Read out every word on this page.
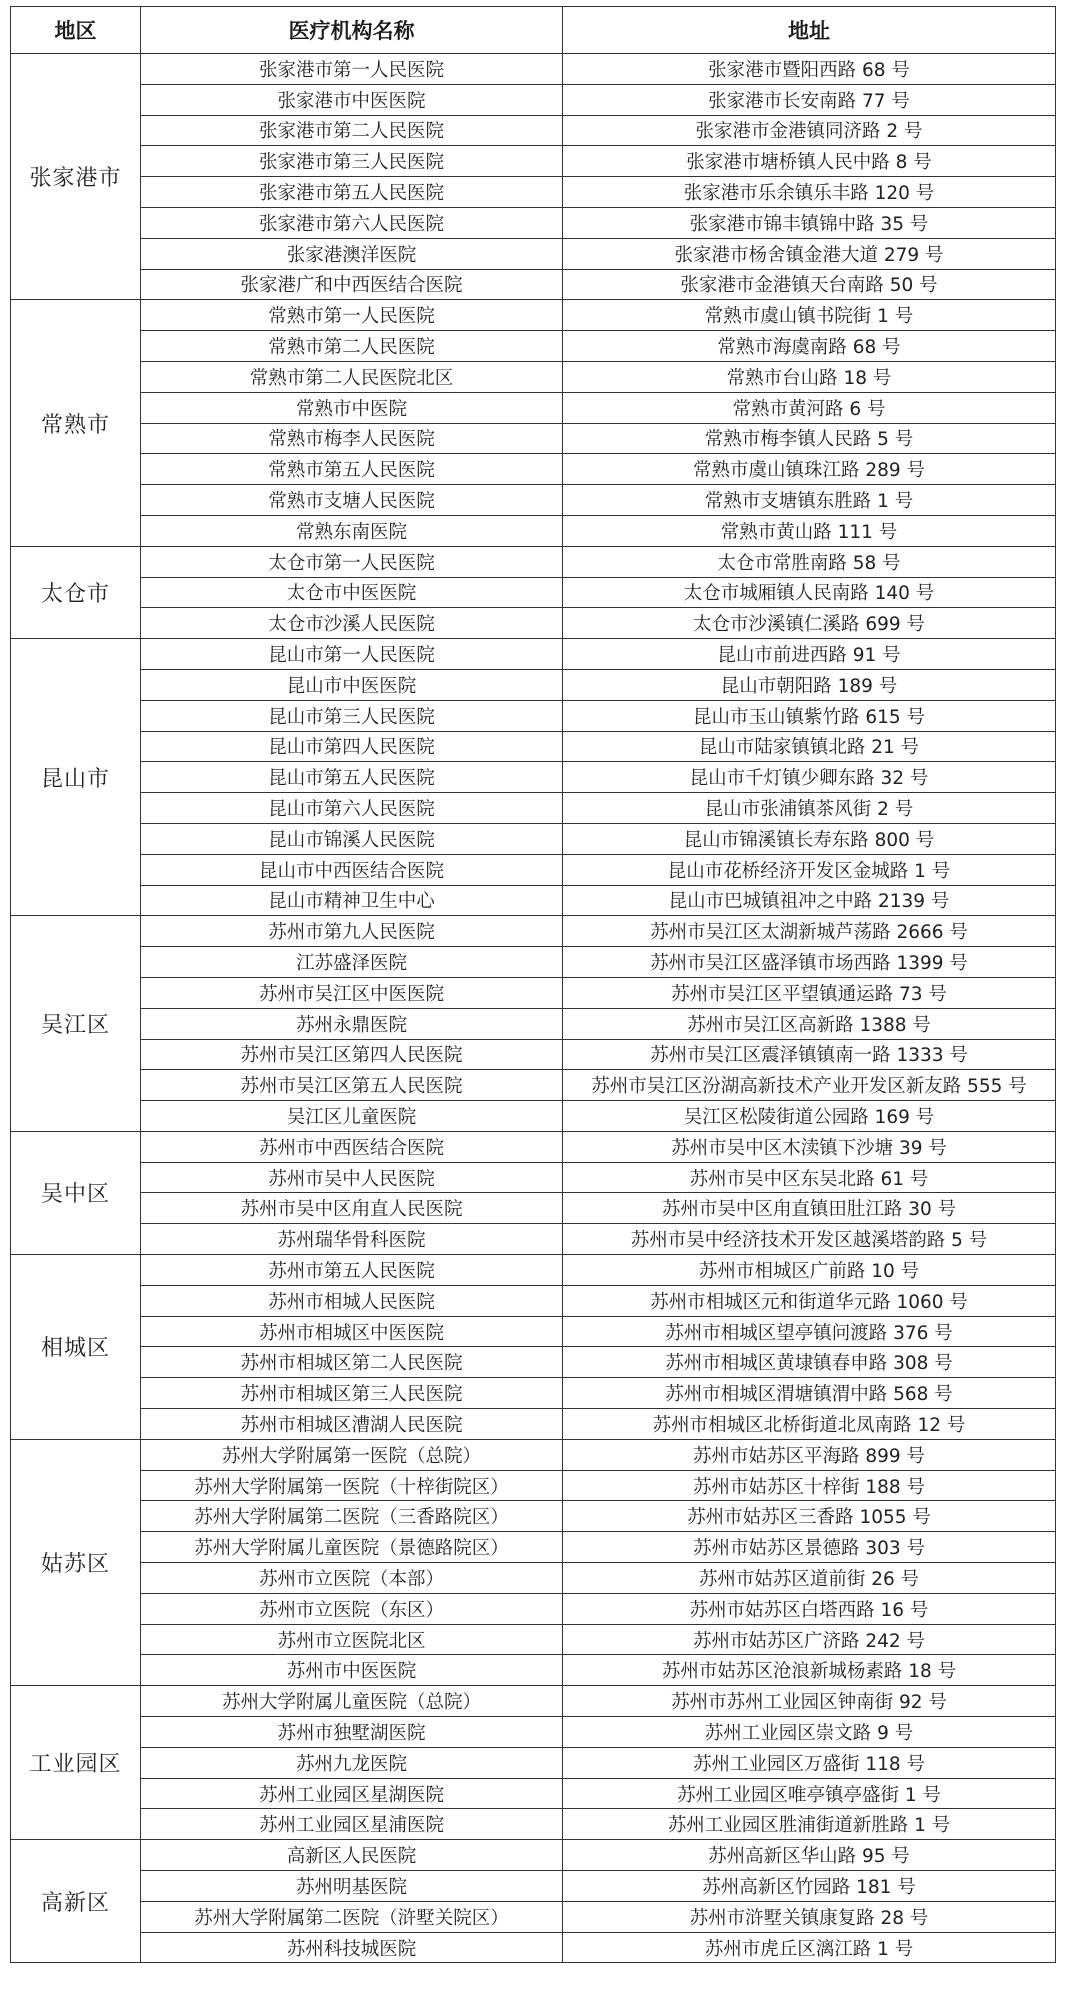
地区	医疗机构名称	地址
张家港市	张家港市第一人民医院	张家港市暨阳西路 68 号
	张家港市中医医院	张家港市长安南路 77 号
	张家港市第二人民医院	张家港市金港镇同济路 2 号
	张家港市第三人民医院	张家港市塘桥镇人民中路 8 号
	张家港市第五人民医院	张家港市乐余镇乐丰路 120 号
	张家港市第六人民医院	张家港市锦丰镇锦中路 35 号
	张家港澳洋医院	张家港市杨舍镇金港大道 279 号
	张家港广和中西医结合医院	张家港市金港镇天台南路 50 号
常熟市	常熟市第一人民医院	常熟市虞山镇书院街 1 号
	常熟市第二人民医院	常熟市海虞南路 68 号
	常熟市第二人民医院北区	常熟市台山路 18 号
	常熟市中医院	常熟市黄河路 6 号
	常熟市梅李人民医院	常熟市梅李镇人民路 5 号
	常熟市第五人民医院	常熟市虞山镇珠江路 289 号
	常熟市支塘人民医院	常熟市支塘镇东胜路 1 号
	常熟东南医院	常熟市黄山路 111 号
太仓市	太仓市第一人民医院	太仓市常胜南路 58 号
	太仓市中医医院	太仓市城厢镇人民南路 140 号
	太仓市沙溪人民医院	太仓市沙溪镇仁溪路 699 号
昆山市	昆山市第一人民医院	昆山市前进西路 91 号
	昆山市中医医院	昆山市朝阳路 189 号
	昆山市第三人民医院	昆山市玉山镇紫竹路 615 号
	昆山市第四人民医院	昆山市陆家镇镇北路 21 号
	昆山市第五人民医院	昆山市千灯镇少卿东路 32 号
	昆山市第六人民医院	昆山市张浦镇茶风街 2 号
	昆山市锦溪人民医院	昆山市锦溪镇长寿东路 800 号
	昆山市中西医结合医院	昆山市花桥经济开发区金城路 1 号
	昆山市精神卫生中心	昆山市巴城镇祖冲之中路 2139 号
吴江区	苏州市第九人民医院	苏州市吴江区太湖新城芦荡路 2666 号
	江苏盛泽医院	苏州市吴江区盛泽镇市场西路 1399 号
	苏州市吴江区中医医院	苏州市吴江区平望镇通运路 73 号
	苏州永鼎医院	苏州市吴江区高新路 1388 号
	苏州市吴江区第四人民医院	苏州市吴江区震泽镇镇南一路 1333 号
	苏州市吴江区第五人民医院	苏州市吴江区汾湖高新技术产业开发区新友路 555 号
	吴江区儿童医院	吴江区松陵街道公园路 169 号
吴中区	苏州市中西医结合医院	苏州市吴中区木渎镇下沙塘 39 号
	苏州市吴中人民医院	苏州市吴中区东吴北路 61 号
	苏州市吴中区甪直人民医院	苏州市吴中区甪直镇田肚江路 30 号
	苏州瑞华骨科医院	苏州市吴中经济技术开发区越溪塔韵路 5 号
相城区	苏州市第五人民医院	苏州市相城区广前路 10 号
	苏州市相城人民医院	苏州市相城区元和街道华元路 1060 号
	苏州市相城区中医医院	苏州市相城区望亭镇问渡路 376 号
	苏州市相城区第二人民医院	苏州市相城区黄埭镇春申路 308 号
	苏州市相城区第三人民医院	苏州市相城区渭塘镇渭中路 568 号
	苏州市相城区漕湖人民医院	苏州市相城区北桥街道北凤南路 12 号
姑苏区	苏州大学附属第一医院（总院）	苏州市姑苏区平海路 899 号
	苏州大学附属第一医院（十梓街院区）	苏州市姑苏区十梓街 188 号
	苏州大学附属第二医院（三香路院区）	苏州市姑苏区三香路 1055 号
	苏州大学附属儿童医院（景德路院区）	苏州市姑苏区景德路 303 号
	苏州市立医院（本部）	苏州市姑苏区道前街 26 号
	苏州市立医院（东区）	苏州市姑苏区白塔西路 16 号
	苏州市立医院北区	苏州市姑苏区广济路 242 号
	苏州市中医医院	苏州市姑苏区沧浪新城杨素路 18 号
工业园区	苏州大学附属儿童医院（总院）	苏州市苏州工业园区钟南街 92 号
	苏州市独墅湖医院	苏州工业园区崇文路 9 号
	苏州九龙医院	苏州工业园区万盛街 118 号
	苏州工业园区星湖医院	苏州工业园区唯亭镇亭盛街 1 号
	苏州工业园区星浦医院	苏州工业园区胜浦街道新胜路 1 号
高新区	高新区人民医院	苏州高新区华山路 95 号
	苏州明基医院	苏州高新区竹园路 181 号
	苏州大学附属第二医院（浒墅关院区）	苏州市浒墅关镇康复路 28 号
	苏州科技城医院	苏州市虎丘区漓江路 1 号
